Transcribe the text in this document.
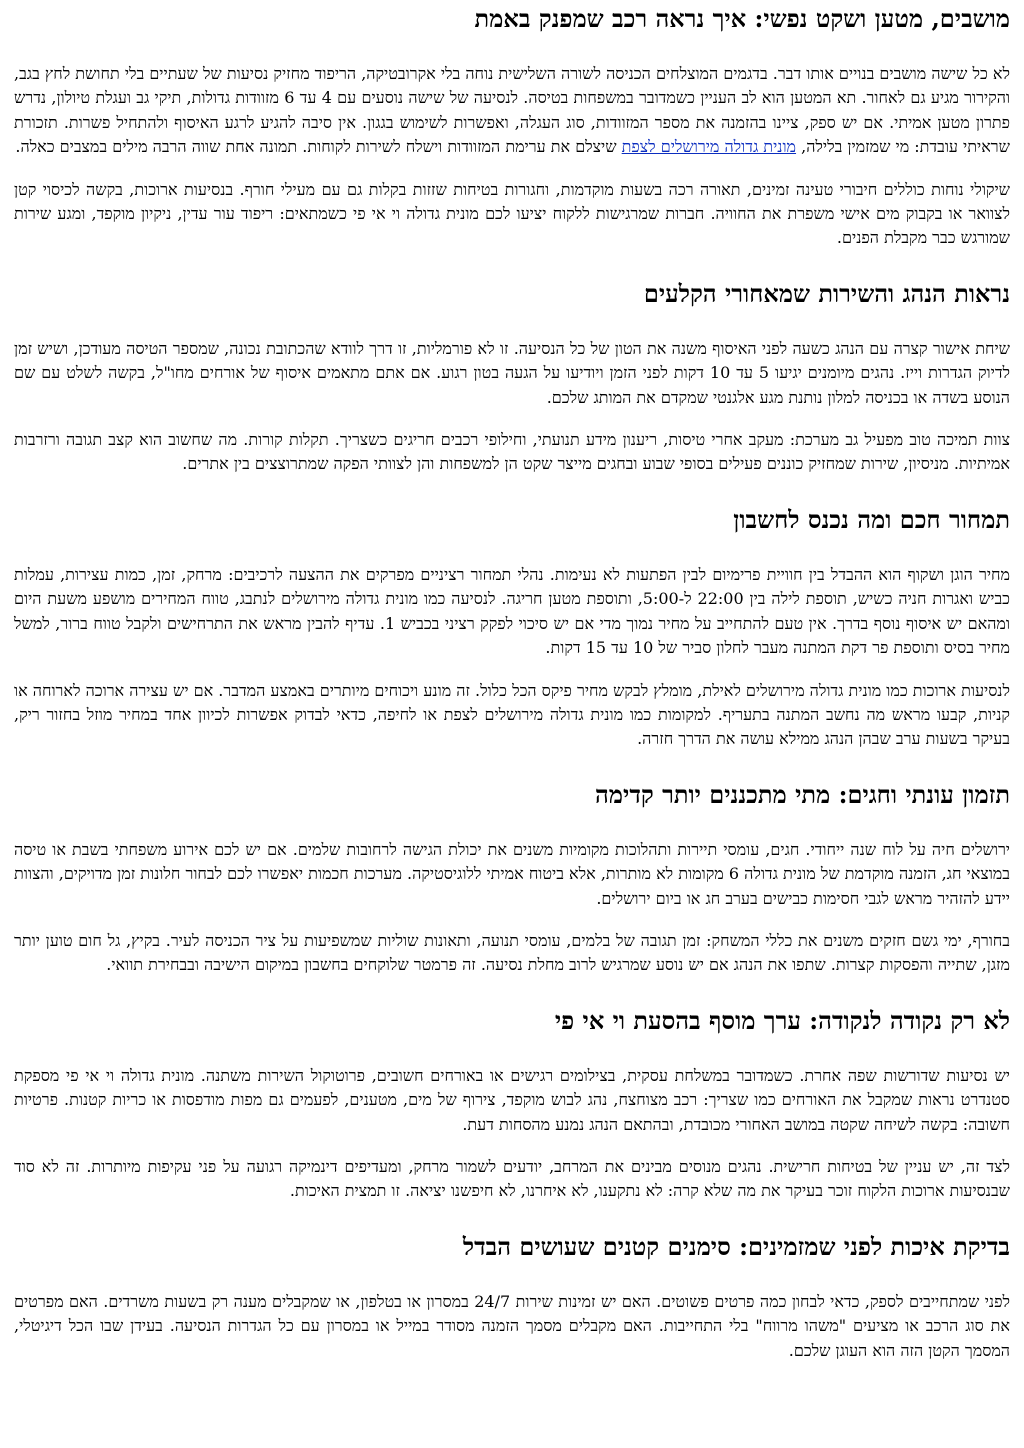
מושבים, מטען ושקט נפשי: איך נראה רכב שמפנק באמת

לא כל שישה מושבים בנויים אותו דבר. בדגמים המוצלחים הכניסה לשורה השלישית נוחה בלי אקרובטיקה, הריפוד מחזיק נסיעות של שעתיים בלי תחושת לחץ בגב, והקירור מגיע גם לאחור. תא המטען הוא לב העניין כשמדובר במשפחות בטיסה. לנסיעה של שישה נוסעים עם 4 עד 6 מזוודות גדולות, תיקי גב ועגלת טיולון, נדרש פתרון מטען אמיתי. אם יש ספק, ציינו בהזמנה את מספר המזוודות, סוג העגלה, ואפשרות לשימוש בגגון. אין סיבה להגיע לרגע האיסוף ולהתחיל פשרות. תזכורת שראיתי עובדת: מי שמזמין בלילה, מונית גדולה מירושלים לצפת שיצלם את ערימת המזוודות וישלח לשירות לקוחות. תמונה אחת שווה הרבה מילים במצבים כאלה.

שיקולי נוחות כוללים חיבורי טעינה זמינים, תאורה רכה בשעות מוקדמות, וחגורות בטיחות שזזות בקלות גם עם מעילי חורף. בנסיעות ארוכות, בקשה לכיסוי קטן לצוואר או בקבוק מים אישי משפרת את החוויה. חברות שמרגישות ללקוח יציעו לכם מונית גדולה וי אי פי כשמתאים: ריפוד עור עדין, ניקיון מוקפד, ומגע שירות שמורגש כבר מקבלת הפנים.

נראות הנהג והשירות שמאחורי הקלעים

שיחת אישור קצרה עם הנהג כשעה לפני האיסוף משנה את הטון של כל הנסיעה. זו לא פורמליות, זו דרך לוודא שהכתובת נכונה, שמספר הטיסה מעודכן, ושיש זמן לדיוק הגדרות וייז. נהגים מיומנים יגיעו 5 עד 10 דקות לפני הזמן ויודיעו על הגעה בטון רגוע. אם אתם מתאמים איסוף של אורחים מחו"ל, בקשה לשלט עם שם הנוסע בשדה או בכניסה למלון נותנת מגע אלגנטי שמקדם את המותג שלכם.

צוות תמיכה טוב מפעיל גב מערכת: מעקב אחרי טיסות, ריענון מידע תנועתי, וחילופי רכבים חריגים כשצריך. תקלות קורות. מה שחשוב הוא קצב תגובה ורזרבות אמיתיות. מניסיון, שירות שמחזיק כוננים פעילים בסופי שבוע ובחגים מייצר שקט הן למשפחות והן לצוותי הפקה שמתרוצצים בין אתרים.

תמחור חכם ומה נכנס לחשבון

מחיר הוגן ושקוף הוא ההבדל בין חוויית פרימיום לבין הפתעות לא נעימות. נהלי תמחור רציניים מפרקים את ההצעה לרכיבים: מרחק, זמן, כמות עצירות, עמלות כביש ואגרות חניה כשיש, תוספת לילה בין 22:00 ל-5:00, ותוספת מטען חריגה. לנסיעה כמו מונית גדולה מירושלים לנתבג, טווח המחירים מושפע משעת היום ומהאם יש איסוף נוסף בדרך. אין טעם להתחייב על מחיר נמוך מדי אם יש סיכוי לפקק רציני בכביש 1. עדיף להבין מראש את התרחישים ולקבל טווח ברור, למשל מחיר בסיס ותוספת פר דקת המתנה מעבר לחלון סביר של 10 עד 15 דקות.

לנסיעות ארוכות כמו מונית גדולה מירושלים לאילת, מומלץ לבקש מחיר פיקס הכל כלול. זה מונע ויכוחים מיותרים באמצע המדבר. אם יש עצירה ארוכה לארוחה או קניות, קבעו מראש מה נחשב המתנה בתעריף. למקומות כמו מונית גדולה מירושלים לצפת או לחיפה, כדאי לבדוק אפשרות לכיוון אחד במחיר מוזל בחזור ריק, בעיקר בשעות ערב שבהן הנהג ממילא עושה את הדרך חזרה.

תזמון עונתי וחגים: מתי מתכננים יותר קדימה

ירושלים חיה על לוח שנה ייחודי. חגים, עומסי תיירות ותהלוכות מקומיות משנים את יכולת הגישה לרחובות שלמים. אם יש לכם אירוע משפחתי בשבת או טיסה במוצאי חג, הזמנה מוקדמת של מונית גדולה 6 מקומות לא מותרות, אלא ביטוח אמיתי ללוגיסטיקה. מערכות חכמות יאפשרו לכם לבחור חלונות זמן מדויקים, והצוות יידע להזהיר מראש לגבי חסימות כבישים בערב חג או ביום ירושלים.

בחורף, ימי גשם חזקים משנים את כללי המשחק: זמן תגובה של בלמים, עומסי תנועה, ותאונות שוליות שמשפיעות על ציר הכניסה לעיר. בקיץ, גל חום טוען יותר מזגן, שתייה והפסקות קצרות. שתפו את הנהג אם יש נוסע שמרגיש לרוב מחלת נסיעה. זה פרמטר שלוקחים בחשבון במיקום הישיבה ובבחירת תוואי.

לא רק נקודה לנקודה: ערך מוסף בהסעת וי אי פי

יש נסיעות שדורשות שפה אחרת. כשמדובר במשלחת עסקית, בצילומים רגישים או באורחים חשובים, פרוטוקול השירות משתנה. מונית גדולה וי אי פי מספקת סטנדרט נראות שמקבל את האורחים כמו שצריך: רכב מצוחצח, נהג לבוש מוקפד, צירוף של מים, מטענים, לפעמים גם מפות מודפסות או כריות קטנות. פרטיות חשובה: בקשה לשיחה שקטה במושב האחורי מכובדת, ובהתאם הנהג נמנע מהסחות דעת.

לצד זה, יש עניין של בטיחות חרישית. נהגים מנוסים מבינים את המרחב, יודעים לשמור מרחק, ומעדיפים דינמיקה רגועה על פני עקיפות מיותרות. זה לא סוד שבנסיעות ארוכות הלקוח זוכר בעיקר את מה שלא קרה: לא נתקענו, לא איחרנו, לא חיפשנו יציאה. זו תמצית האיכות.

בדיקת איכות לפני שמזמינים: סימנים קטנים שעושים הבדל

לפני שמתחייבים לספק, כדאי לבחון כמה פרטים פשוטים. האם יש זמינות שירות 24/7 במסרון או בטלפון, או שמקבלים מענה רק בשעות משרדים. האם מפרטים את סוג הרכב או מציעים "משהו מרווח" בלי התחייבות. האם מקבלים מסמך הזמנה מסודר במייל או במסרון עם כל הגדרות הנסיעה. בעידן שבו הכל דיגיטלי, המסמך הקטן הזה הוא העוגן שלכם.
